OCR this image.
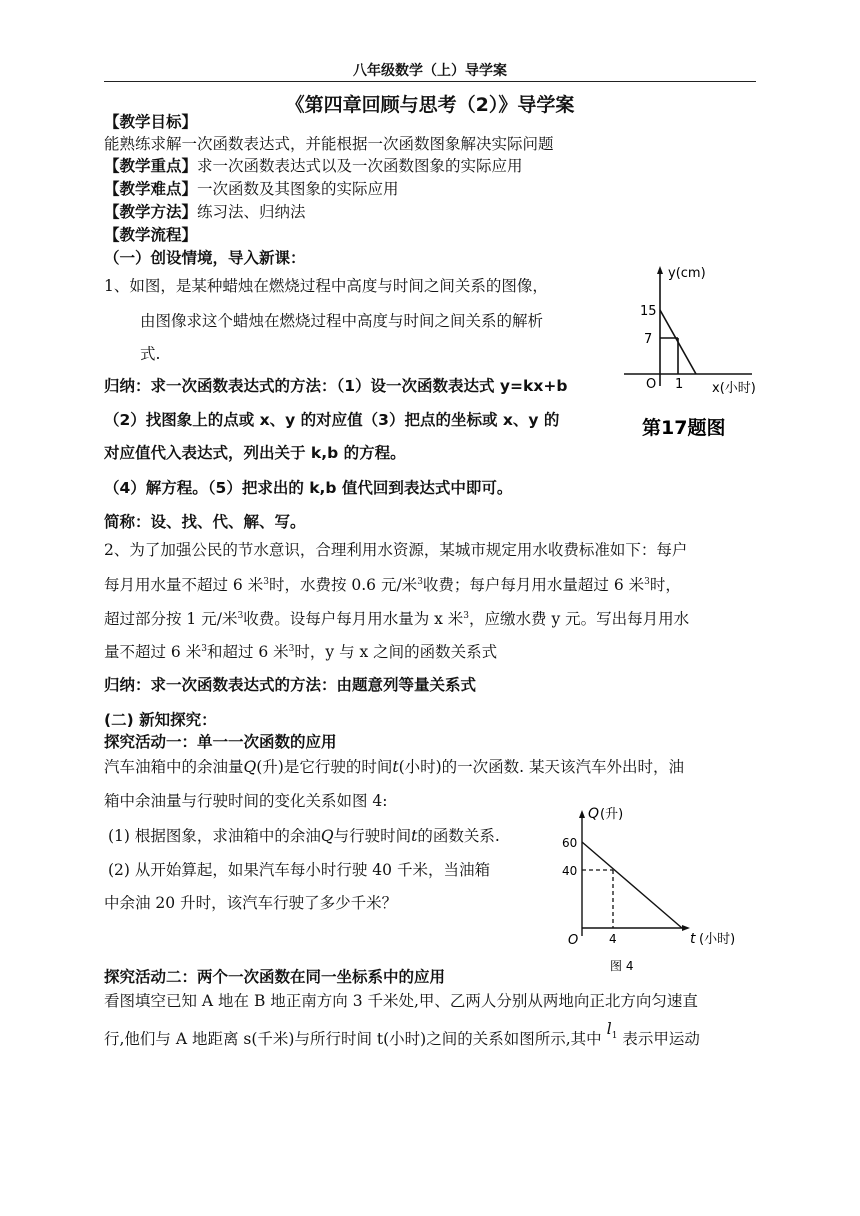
八年级数学（上）导学案
《第四章回顾与思考（2）》导学案
【教学目标】
能熟练求解一次函数表达式，并能根据一次函数图象解决实际问题
【教学重点】求一次函数表达式以及一次函数图象的实际应用
【教学难点】一次函数及其图象的实际应用
【教学方法】练习法、归纳法
【教学流程】
（一）创设情境，导入新课：
1、如图，是某种蜡烛在燃烧过程中高度与时间之间关系的图像，
由图像求这个蜡烛在燃烧过程中高度与时间之间关系的解析
式.
归纳：求一次函数表达式的方法：（1）设一次函数表达式 y=kx+b
（2）找图象上的点或 x、y 的对应值（3）把点的坐标或 x、y 的
对应值代入表达式，列出关于 k,b 的方程。
（4）解方程。（5）把求出的 k,b 值代回到表达式中即可。
简称：设、找、代、解、写。
2、为了加强公民的节水意识，合理利用水资源，某城市规定用水收费标准如下：每户
每月用水量不超过 6 米$^3$时，水费按 0.6 元/米$^3$收费；每户每月用水量超过 6 米$^3$时，
超过部分按 1 元/米$^3$收费。设每户每月用水量为 x 米$^3$，应缴水费 y 元。写出每月用水
量不超过 6 米$^3$和超过 6 米$^3$时，y 与 x 之间的函数关系式
归纳：求一次函数表达式的方法：由题意列等量关系式
(二) 新知探究：
探究活动一：单一一次函数的应用
汽车油箱中的余油量Q(升)是它行驶的时间t(小时)的一次函数. 某天该汽车外出时，油
箱中余油量与行驶时间的变化关系如图 4:
(1) 根据图象，求油箱中的余油Q与行驶时间t的函数关系.
(2) 从开始算起，如果汽车每小时行驶 40 千米，当油箱
中余油 20 升时，该汽车行驶了多少千米？
探究活动二：两个一次函数在同一坐标系中的应用
看图填空已知 A 地在 B 地正南方向 3 千米处,甲、乙两人分别从两地向正北方向匀速直
行,他们与 A 地距离 s(千米)与所行时间 t(小时)之间的关系如图所示,其中 $l_1$ 表示甲运动
y(cm)
15
7
O 1 x(小时)
第17题图
Q (升)
60
40
O	4	t (小时)
图 4
